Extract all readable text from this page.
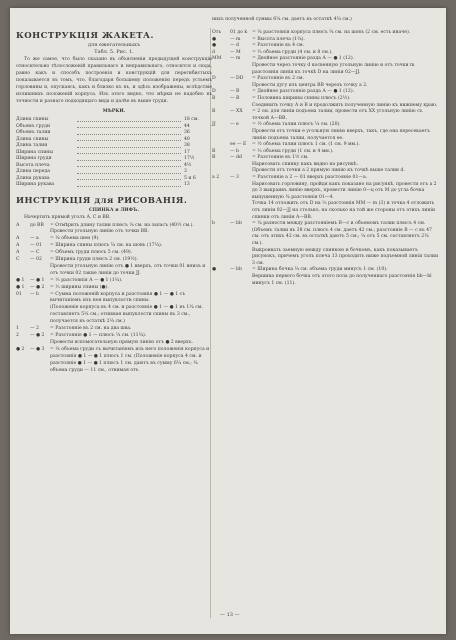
нихъ полученной суммы 6¼ см. даетъ въ остаткѣ 4¼ см.)
КОНСТРУКЦІЯ ЖАКЕТА.
для ежегательныхъ
Табл. 5. Рис. 1.

То же самое, что было сказано въ объясненіи предыдущей конструкціи относительно тѣлосложеній правильнаго и неправильнаго, относится и сюда, равно какъ и способъ построенія и конструкцій для перегибистыхъ показывается въ томъ, что, благодаря большему положенію передъ устьемъ горловины и, опускаясь, какъ и близко къ въ, и здѣсь изображены, вслѣдствіе излишнихъ положеній корпуса. Изъ этого видно, что мѣрки не надобно въ точности и разнаго подходящаго вида и далѣе въ выше груди.

МѢРКИ.
Длина спины	18 см.
Объемъ груди	44
Объемъ талии	36
Длина спины	40
Длина талии	38
Ширина спины	17
Ширина груди	17½
Высота плеча	4½
Длина переда	3
Длина рукава	5 и 6
Ширина рукава	13
ИНСТРУКЦІЯ для РИСОВАНІЯ.
СПИНКА и ЛИФЪ.

Начертить прямой уголъ А, С и ВВ.

А	до ВВ	= Отмѣрить длину талии плюсъ ¼ см. на запасъ (40½ см.).
Провести угольную линію отъ точки ВВ.
А	— а	= ¼ объема шеи (9).
А	— 01	= Ширина спины плюсъ ¼ см. на шовъ (17¼).
А	— С	= Объемъ груди плюсъ 5 см. (49).
С	— 02	= Ширина груди плюсъ 2 см. (19½).
Провести угольную линію отъ ● 1 вверхъ, отъ точки 01 внизъ и отъ точки 02 такие линіи до точки JJ.
● 1	— ● 1	= ⅓ разстоянія А — ● 1 (1¼).
● 1	— ● 2	= ⅓ ширины спины (●).
01	— b	= Сумма положеній корпуса и разстоянія ● 1 — ● 1 съ вычитаніемъ изъ нея выпуклости спины.
(Положеніе корпуса въ 4 см. и разстояніе ● 1 — ● 1 въ 1¼ см. составляетъ 5¼ см.; отнимая выпуклости спины въ 3 см., получается въ остаткѣ 2¼ см.)
1	— 2	= Разстояніе въ 2 см. на два шва.
2	— ● 2	= Разстояніе ● 1 — плюсъ ¼ см. (11¼).
Провести вспомогательную прямую линію отъ ● 2 вверхъ.
● 2	— ● 3	= ¼ объема груди съ вычитаніемъ изъ него положенія корпуса и разстоянія ● 1 — ● 1 плюсъ 1 см. (Положеніе корпуса 4 см. и разстояніе ● 1 — ● 1 плюсъ 1 см. даютъ въ сумму 6¼ см.; ¼ объема груди — 11 см., отнимая отъ
Отъ	01 до k	= ¼ разстоянія корпуса плюсъ ¼ см. на шовъ (2 см. есть иначе).
●	— m	= Высота плеча (1¼).
●	— d	= Разстояніе въ 4 см.
d	— M	= ⅓ объема груди (4 см. и 8 см.).
MM	— m	= Двойное разстояніе разда А — ● 1 (12).
Провести через точку d косвенную угольную линію и отъ точки m разстоянія линіи къ точкѣ D на линіи 02—JJ.
D	— DD	= Разстояніе въ 2 см.
Провести дугу изъ центра ВВ черезъ точку а 2.
D	— В	= Двойное разстояніе разда А — ● 1 (12).
В	— В	= Половина ширины спины плюсъ (2½).
Соединить точку А и В и продолжить полученную линію къ нижнему краю.
В	— XX	= 2 см. для линіи подъема талии, провести отъ XX угольную линію съ точкой А—ВВ.
JJ	— e	= ½ объема талии плюсъ ¼ см. (20).
Провести отъ точки е угольную линію вверхъ, такъ, где она пересекаетъ линію подъема талии, получается ее.
ее — Е	= ½ объема талии плюсъ 1 см. (1 см. 9 мм.).
В	— b	= ⅓ объема груди (1 см. и 4 мм.).
В	— dd	= Разстояніе въ 1½ см.
Нарисовать спинку какъ видно на рисункѣ.
Провести отъ точки а 2 прямую линію къ точкѣ выше талии d.
а 2	— 3	= Разстояніе а 2 — 01 вверхъ разстояніе 01—а.
Нарисовать горловину, пройдя какъ показано на рисункѣ, провести отъ а 2 до 3 выкраивъ линію вверхъ, провести линію 0—ц отъ М до угла бочка выпушенную ¼ разстоянія 01—4.
Точка 14 отложить отъ D на ⅓ разстоянія ММ — m (3) и точка 4 отложить отъ линіи 02—JJ на столько, на сколько на той же стороны отъ этихъ линіи спинки отъ линіи А—ВВ.
b	— bb	= ¼ разности между разстояніемъ В—с и объемомъ талии плюсъ 4 см. (Объемъ талии въ 38 см. плюсъ 4 см. даетъ 42 см.; разстояніе В — с въ 47 см. отъ этихъ 42 см. въ остаткѣ даютъ 5 см.; ¼ отъ 5 см. составляетъ 2¼ см.).
Выкроивать заемную между спинкою и бочкомъ, какъ показываетъ рисунокъ, причемъ уголъ плеча 13 проходитъ ниже подъемной линіи талии 3 см.
●	— bb	= Ширина бочка ¼ см. объема груди минусъ 1 см. (10).
Вершина первого бочка отъ этого пола до полученнаго разстоянія bb—bl минусъ 1 см. (11).
— 13 —
